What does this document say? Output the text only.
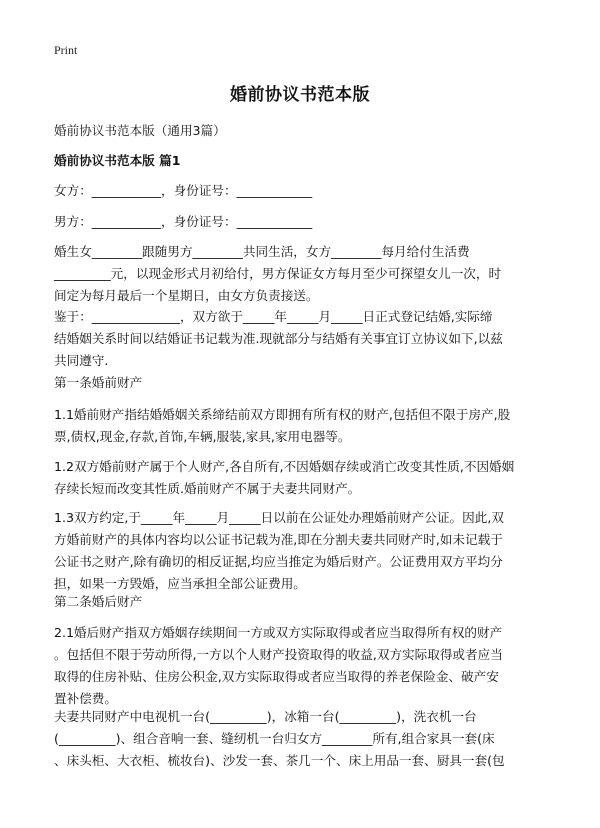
Print
婚前协议书范本版
婚前协议书范本版（通用3篇）
婚前协议书范本版 篇1
女方：___________，身份证号：____________
男方：___________，身份证号：____________
婚生女________跟随男方________共同生活，女方________每月给付生活费
_________元，以现金形式月初给付，男方保证女方每月至少可探望女儿一次，时
间定为每月最后一个星期日，由女方负责接送。
鉴于：______________，双方欲于_____年_____月_____日正式登记结婚,实际缔
结婚姻关系时间以结婚证书记载为准.现就部分与结婚有关事宜订立协议如下,以兹
共同遵守.
第一条婚前财产
1.1婚前财产指结婚婚姻关系缔结前双方即拥有所有权的财产,包括但不限于房产,股
票,债权,现金,存款,首饰,车辆,服装,家具,家用电器等。
1.2双方婚前财产属于个人财产,各自所有,不因婚姻存续或消亡改变其性质,不因婚姻
存续长短而改变其性质.婚前财产不属于夫妻共同财产。
1.3双方约定,于_____年_____月_____日以前在公证处办理婚前财产公证。因此,双
方婚前财产的具体内容均以公证书记载为准,即在分割夫妻共同财产时,如未记载于
公证书之财产,除有确切的相反证据,均应当推定为婚后财产。公证费用双方平均分
担，如果一方毁婚，应当承担全部公证费用。
第二条婚后财产
2.1婚后财产指双方婚姻存续期间一方或双方实际取得或者应当取得所有权的财产
。包括但不限于劳动所得,一方以个人财产投资取得的收益,双方实际取得或者应当
取得的住房补贴、住房公积金,双方实际取得或者应当取得的养老保险金、破产安
置补偿费。
夫妻共同财产中电视机一台(_________)，冰箱一台(_________)，洗衣机一台
(_________)、组合音响一套、缝纫机一台归女方________所有,组合家具一套(床
、床头柜、大衣柜、梳妆台)、沙发一套、茶几一个、床上用品一套、厨具一套(包
